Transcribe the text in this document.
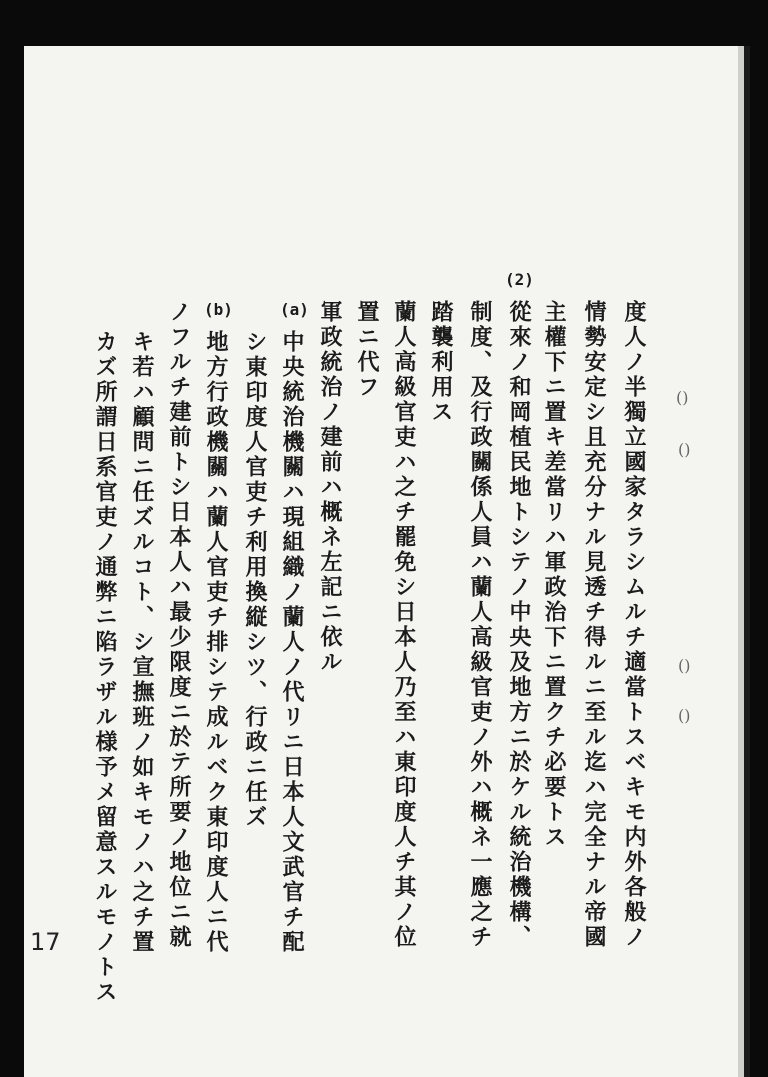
度人ノ半獨立國家タラシムルチ適當トスベキモ内外各般ノ
情勢安定シ且充分ナル見透チ得ルニ至ル迄ハ完全ナル帝國
主權下ニ置キ差當リハ軍政治下ニ置クチ必要トス
(2)
從來ノ和岡植民地トシテノ中央及地方ニ於ケル統治機構、
制度、及行政關係人員ハ蘭人高級官吏ノ外ハ概ネ一應之チ
踏襲利用ス
蘭人高級官吏ハ之チ罷免シ日本人乃至ハ東印度人チ其ノ位
置ニ代フ
軍政統治ノ建前ハ概ネ左記ニ依ル
(a)
中央統治機關ハ現組織ノ蘭人ノ代リニ日本人文武官チ配
シ東印度人官吏チ利用換縦シツ、行政ニ任ズ
(b)
地方行政機關ハ蘭人官吏チ排シテ成ルベク東印度人ニ代
ノフルチ建前トシ日本人ハ最少限度ニ於テ所要ノ地位ニ就
キ若ハ顧問ニ任ズルコト、シ宣撫班ノ如キモノハ之チ置
カズ所謂日系官吏ノ通弊ニ陷ラザル様予メ留意スルモノトス
17
()
()
()
()
